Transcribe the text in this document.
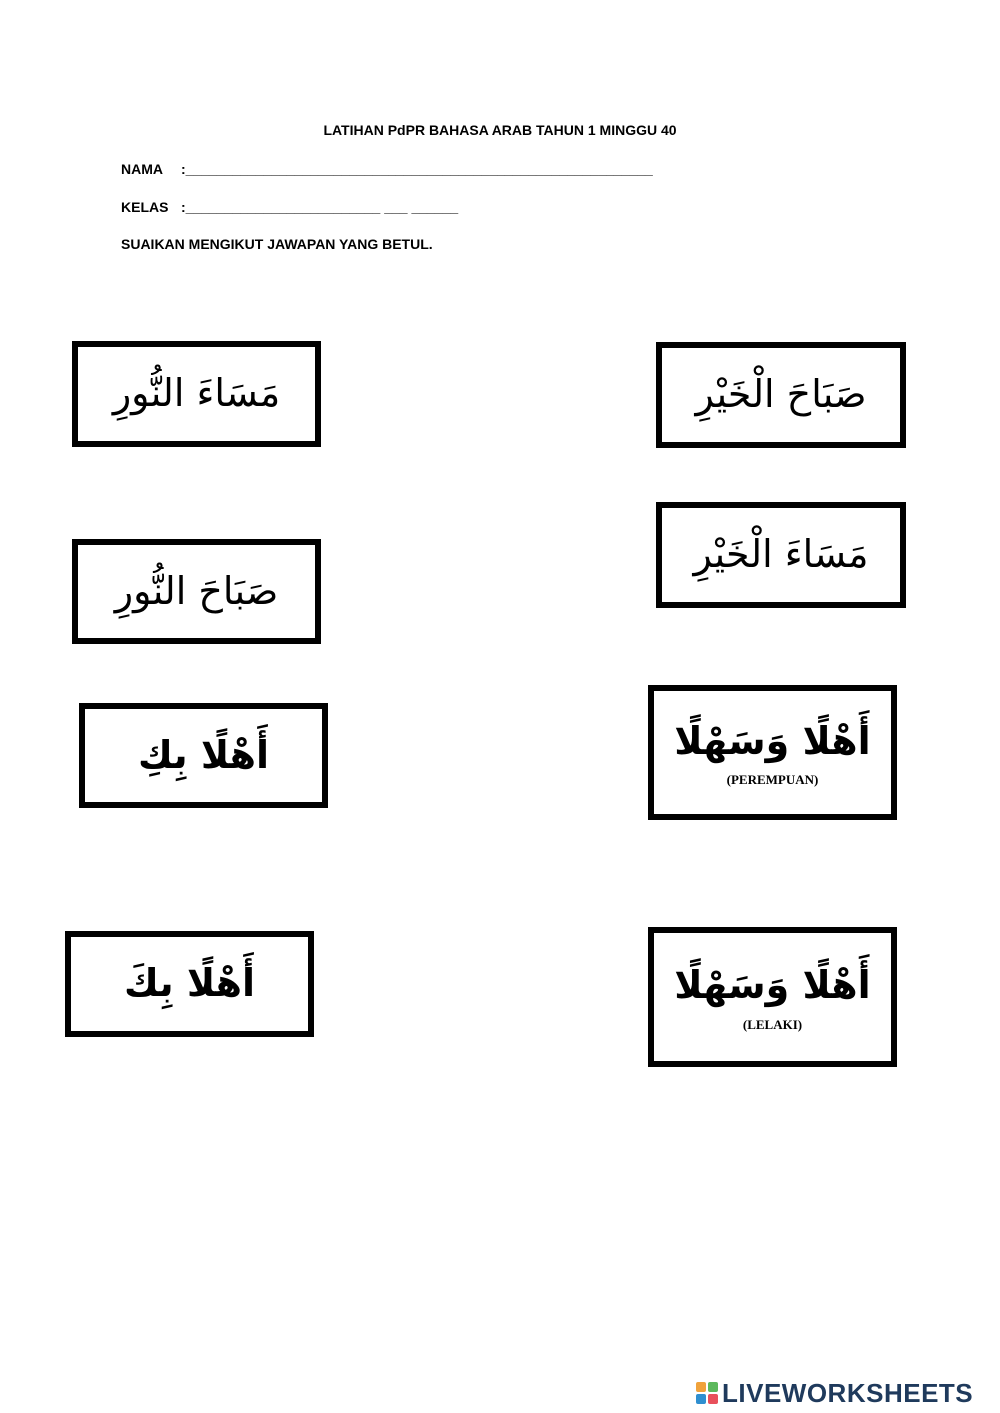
LATIHAN PdPR BAHASA ARAB TAHUN 1 MINGGU 40
NAMA :____________________________________________________________
KELAS :_________________________ ___ ______
SUAIKAN MENGIKUT JAWAPAN YANG BETUL.
مَسَاءَ النُّورِ
صَبَاحَ النُّورِ
أَهْلًا بِكِ
أَهْلًا بِكَ
صَبَاحَ الْخَيْرِ
مَسَاءَ الْخَيْرِ
أَهْلًا وَسَهْلًا
(PEREMPUAN)
أَهْلًا وَسَهْلًا
(LELAKI)
LIVEWORKSHEETS
